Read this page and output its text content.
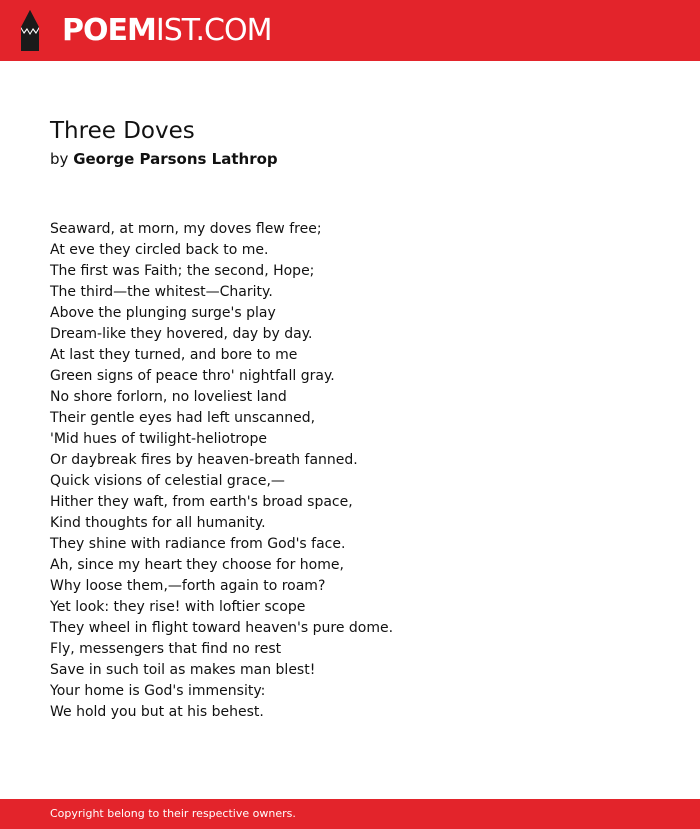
POEMIST.COM
Three Doves
by George Parsons Lathrop
Seaward, at morn, my doves flew free;
At eve they circled back to me.
The first was Faith; the second, Hope;
The third—the whitest—Charity.
Above the plunging surge's play
Dream-like they hovered, day by day.
At last they turned, and bore to me
Green signs of peace thro' nightfall gray.
No shore forlorn, no loveliest land
Their gentle eyes had left unscanned,
'Mid hues of twilight-heliotrope
Or daybreak fires by heaven-breath fanned.
Quick visions of celestial grace,—
Hither they waft, from earth's broad space,
Kind thoughts for all humanity.
They shine with radiance from God's face.
Ah, since my heart they choose for home,
Why loose them,—forth again to roam?
Yet look: they rise! with loftier scope
They wheel in flight toward heaven's pure dome.
Fly, messengers that find no rest
Save in such toil as makes man blest!
Your home is God's immensity:
We hold you but at his behest.
Copyright belong to their respective owners.
